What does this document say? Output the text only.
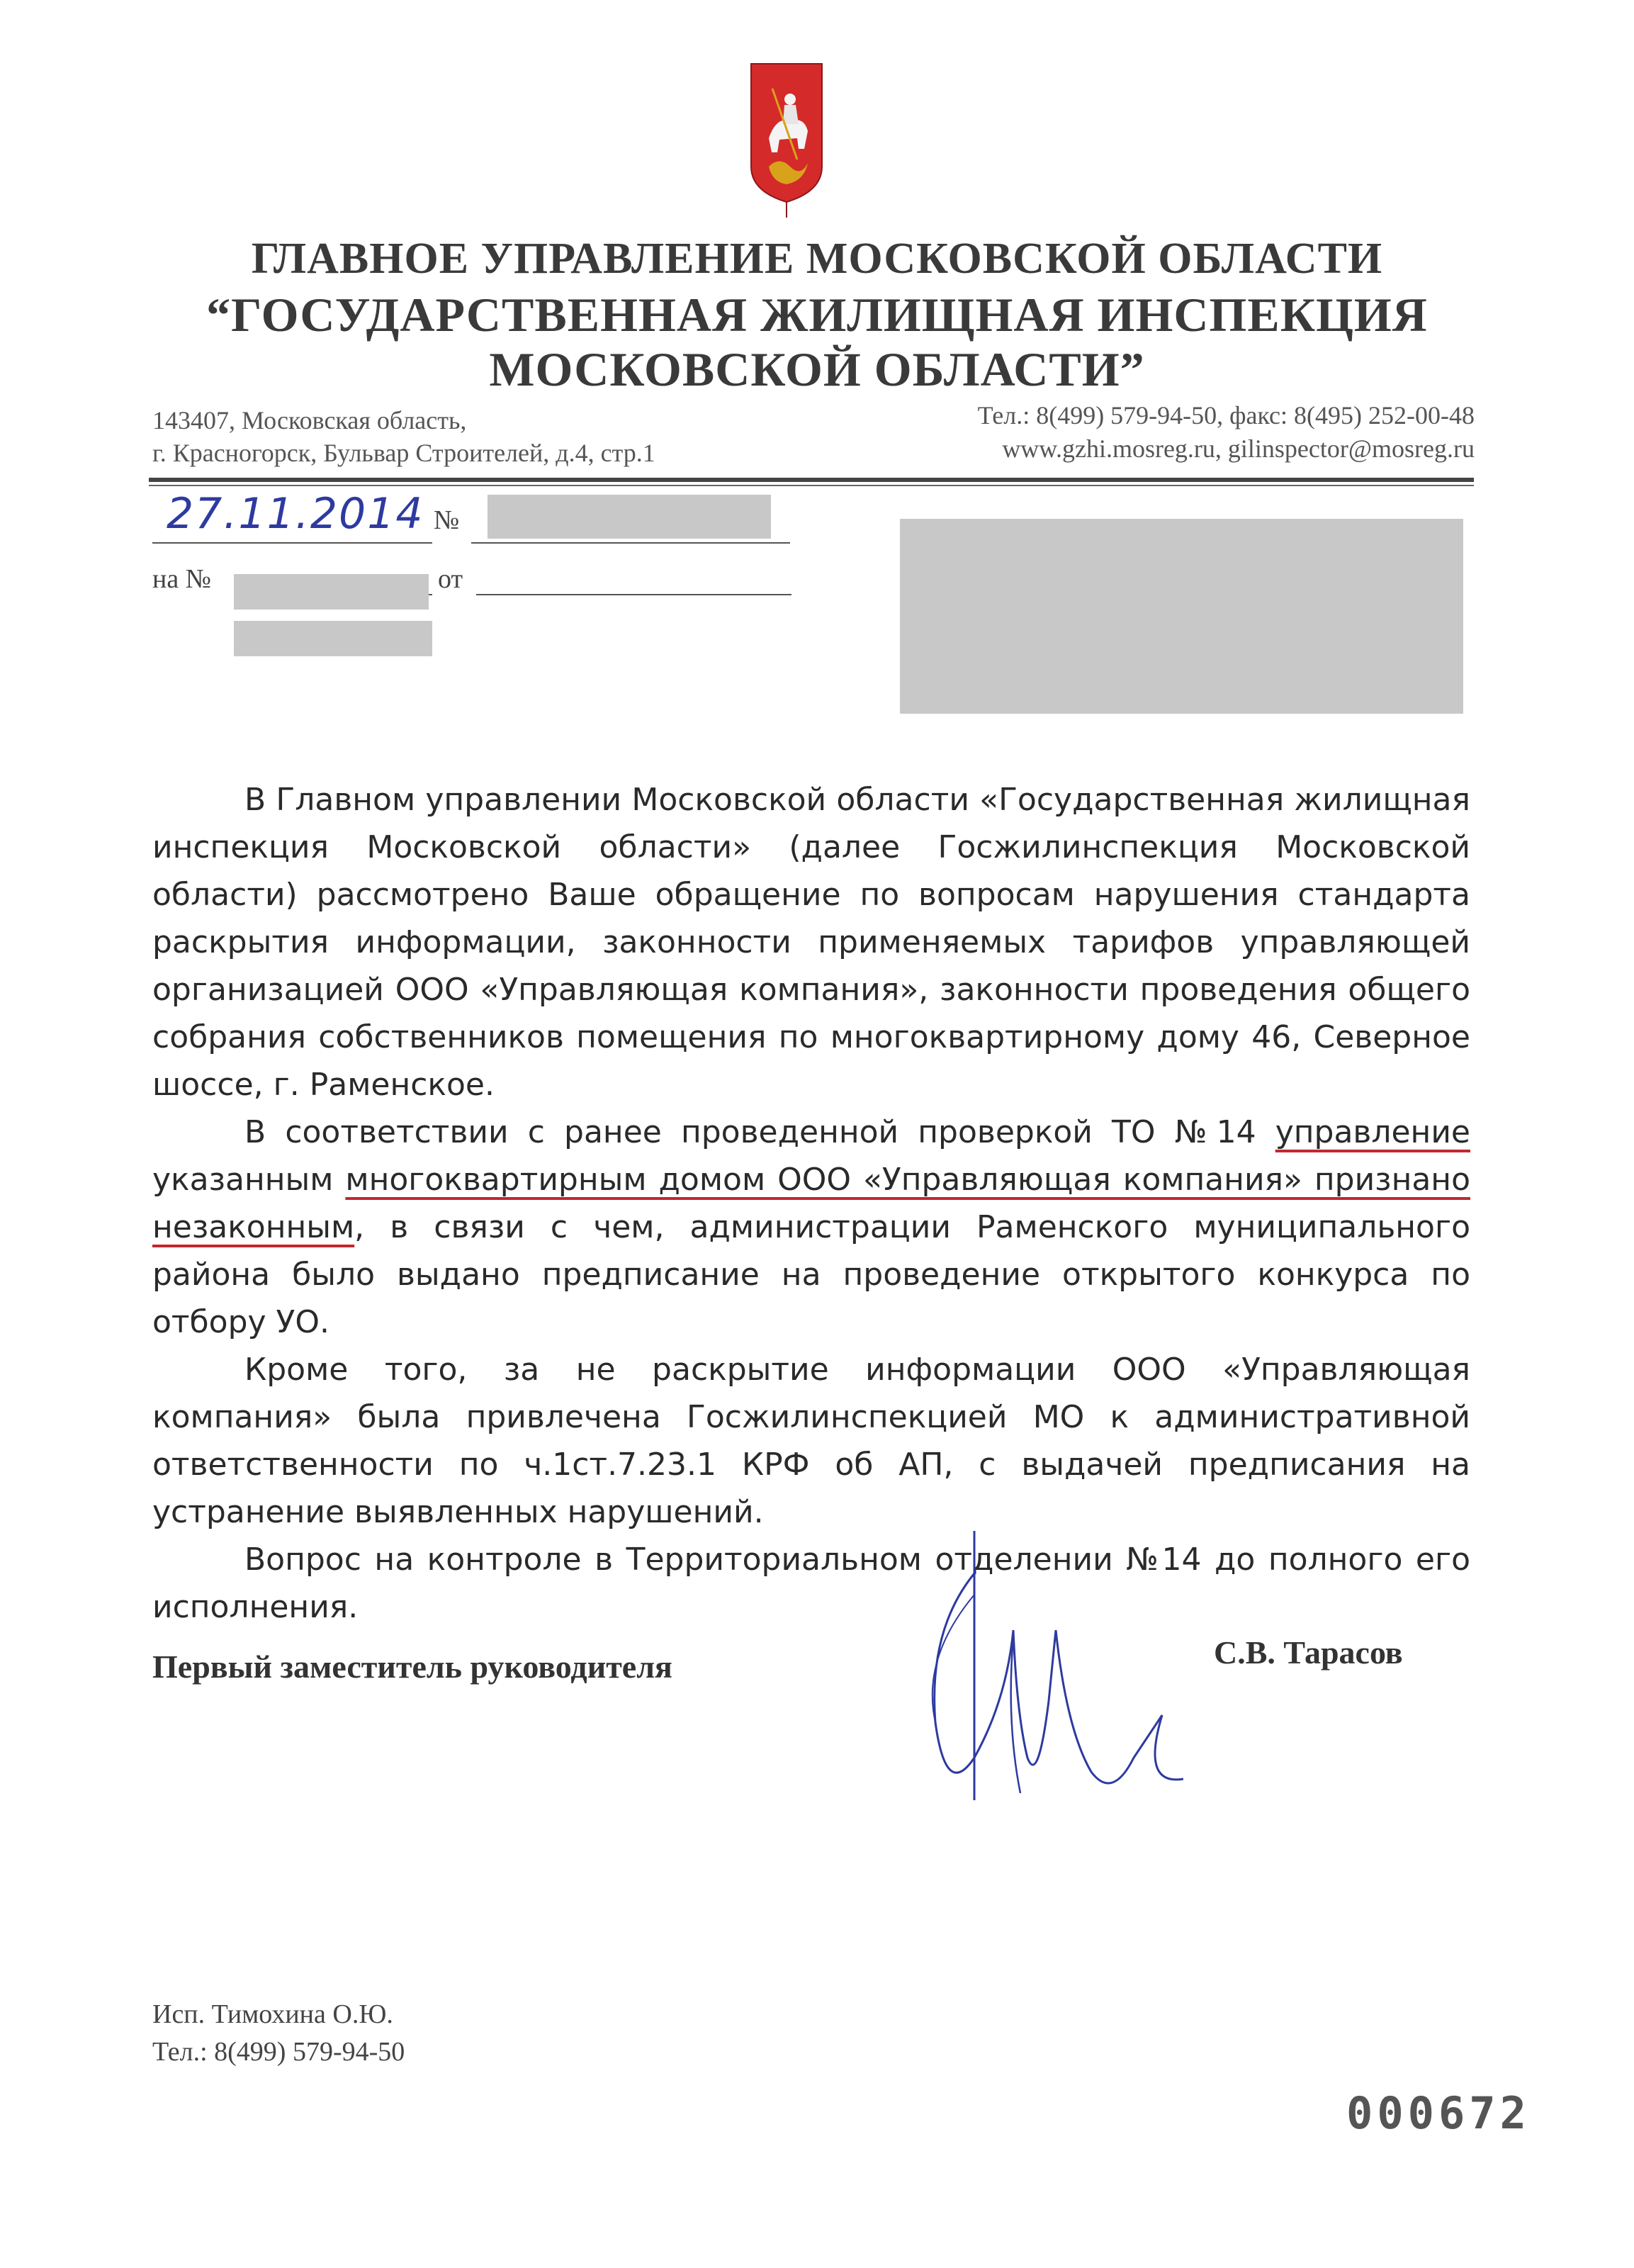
ГЛАВНОЕ УПРАВЛЕНИЕ МОСКОВСКОЙ ОБЛАСТИ
“ГОСУДАРСТВЕННАЯ ЖИЛИЩНАЯ ИНСПЕКЦИЯ
МОСКОВСКОЙ ОБЛАСТИ”
143407, Московская область,
г. Красногорск, Бульвар Строителей, д.4, стр.1
Тел.: 8(499) 579-94-50, факс: 8(495) 252-00-48
www.gzhi.mosreg.ru, gilinspector@mosreg.ru
27.11.2014 №
на №	от

В Главном управлении Московской области «Государственная жилищная инспекция Московской области» (далее Госжилинспекция Московской области) рассмотрено Ваше обращение по вопросам нарушения стандарта раскрытия информации, законности применяемых тарифов управляющей организацией ООО «Управляющая компания», законности проведения общего собрания собственников помещения по многоквартирному дому 46, Северное шоссе, г. Раменское.

В соответствии с ранее проведенной проверкой ТО №14 управление указанным многоквартирным домом ООО «Управляющая компания» признано незаконным, в связи с чем, администрации Раменского муниципального района было выдано предписание на проведение открытого конкурса по отбору УО.

Кроме того, за не раскрытие информации ООО «Управляющая компания» была привлечена Госжилинспекцией МО к административной ответственности по ч.1ст.7.23.1 КРФ об АП, с выдачей предписания на устранение выявленных нарушений.

Вопрос на контроле в Территориальном отделении №14 до полного его исполнения.

Первый заместитель руководителя	С.В. Тарасов
Исп. Тимохина О.Ю.
Тел.: 8(499) 579-94-50
000672
